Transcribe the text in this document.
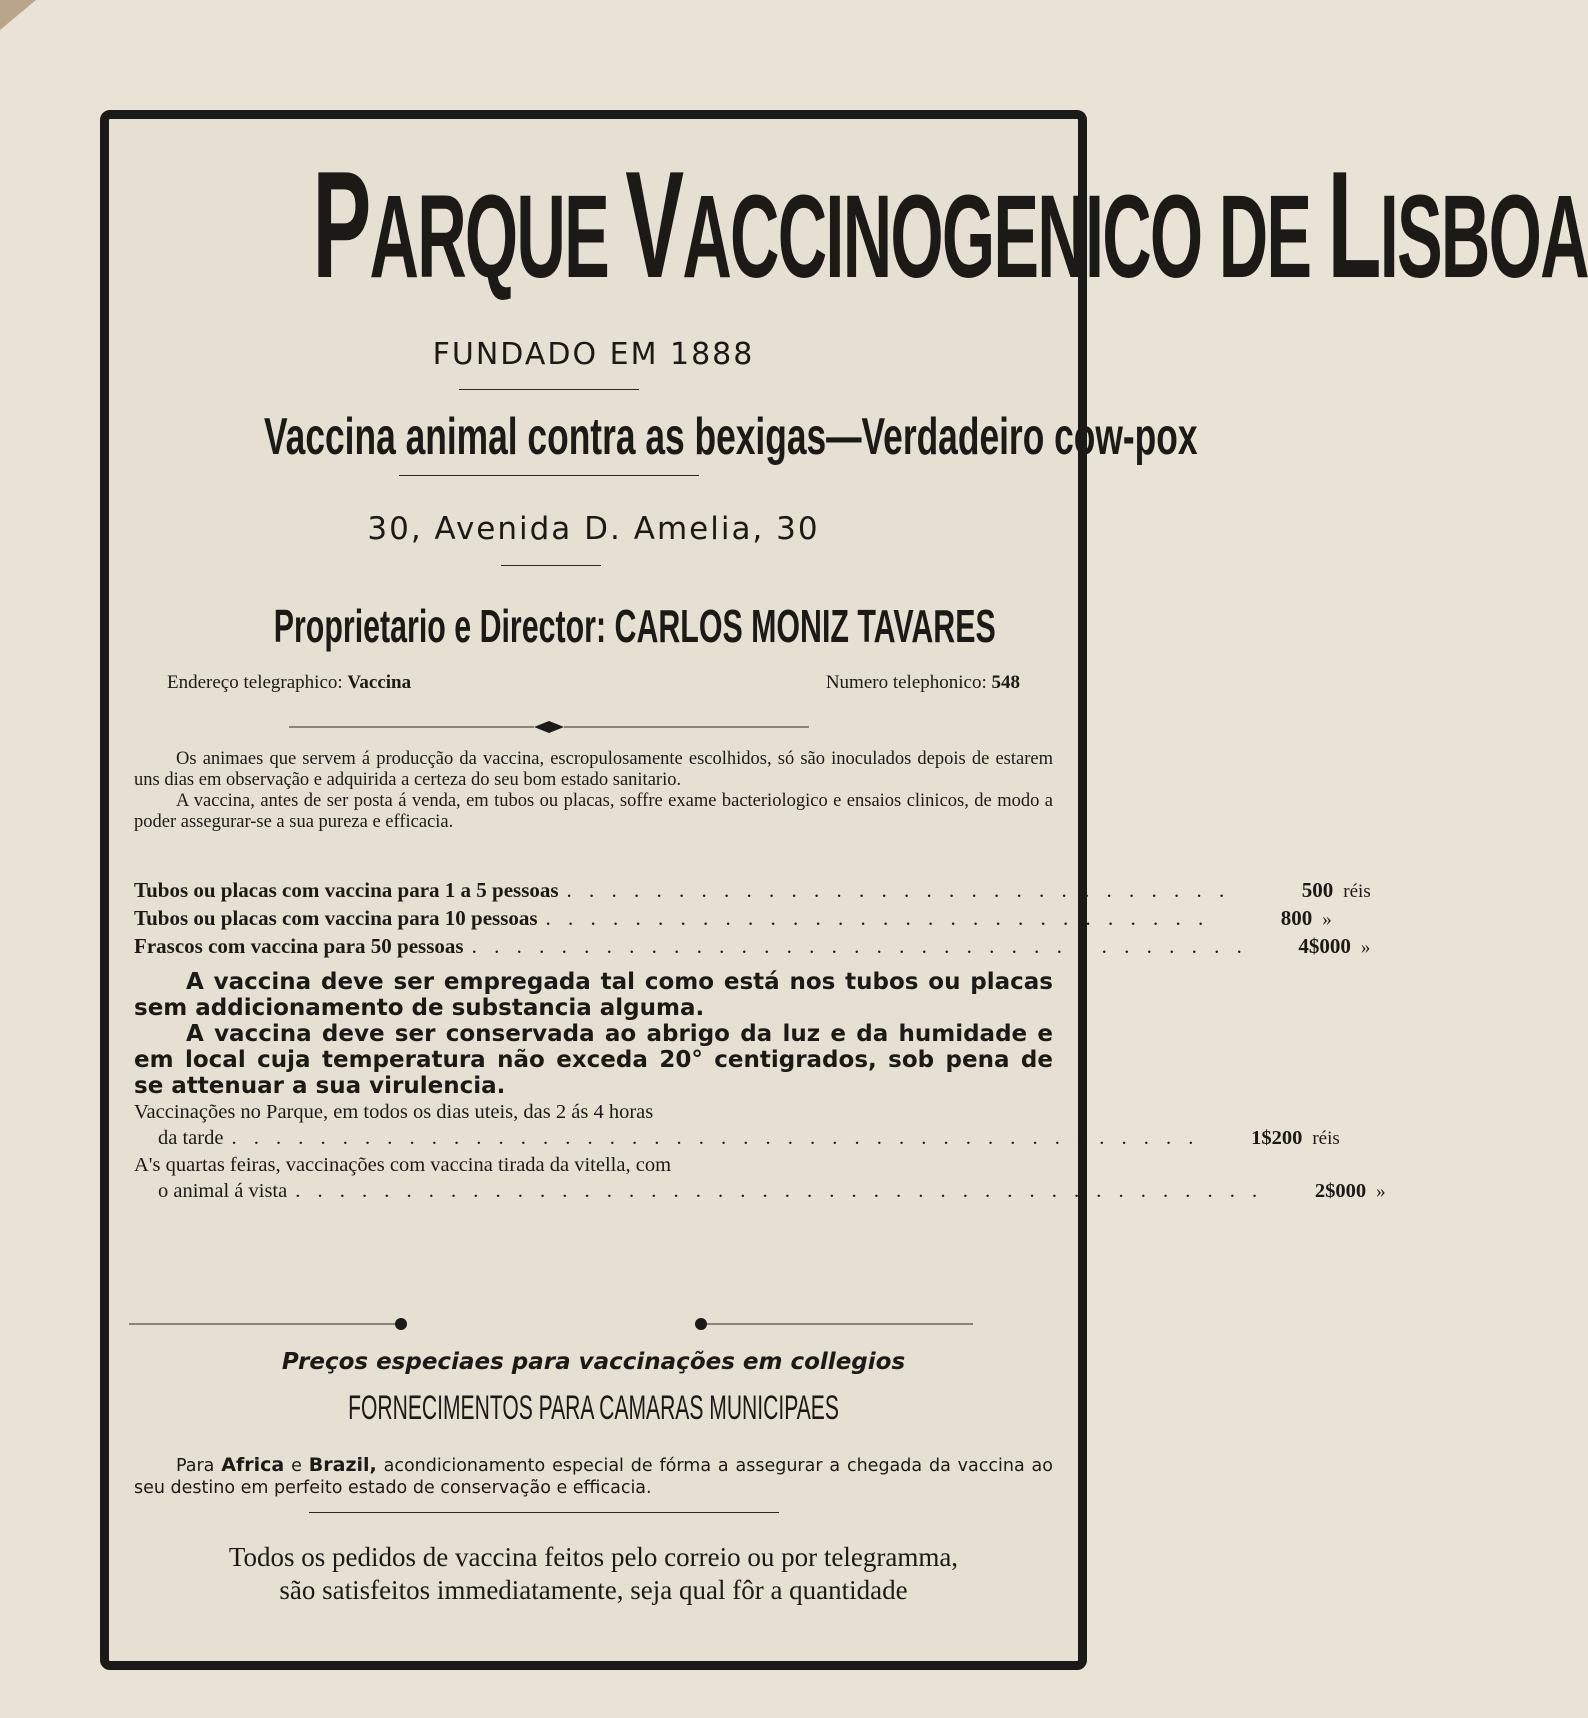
PARQUE VACCINOGENICO DE LISBOA
FUNDADO EM 1888
Vaccina animal contra as bexigas—Verdadeiro cow-pox
30, Avenida D. Amelia, 30
Proprietario e Director: CARLOS MONIZ TAVARES
Endereço telegraphico: Vaccina	Numero telephonico: 548

Os animaes que servem á producção da vaccina, escropulosamente escolhidos, só são inoculados depois de estarem uns dias em observação e adquirida a certeza do seu bom estado sanitario.

A vaccina, antes de ser posta á venda, em tubos ou placas, soffre exame bacteriologico e ensaios clinicos, de modo a poder assegurar-se a sua pureza e efficacia.

Tubos ou placas com vaccina para 1 a 5 pessoas . . . . . . . . . . . . . . . . . . . . . . . . . . . . . .	500 réis
Tubos ou placas com vaccina para 10 pessoas . . . . . . . . . . . . . . . . . . . . . . . . . . . . . .	800 »
Frascos com vaccina para 50 pessoas . . . . . . . . . . . . . . . . . . . . . . . . . . . . . . . . . . .	4$000 »

A vaccina deve ser empregada tal como está nos tubos ou placas sem addicionamento de substancia alguma.

A vaccina deve ser conservada ao abrigo da luz e da humidade e em local cuja temperatura não exceda 20° centigrados, sob pena de se attenuar a sua virulencia.

Vaccinações no Parque, em todos os dias uteis, das 2 ás 4 horas
da tarde . . . . . . . . . . . . . . . . . . . . . . . . . . . . . . . . . . . . . . . . . . . .	1$200 réis
A's quartas feiras, vaccinações com vaccina tirada da vitella, com
o animal á vista . . . . . . . . . . . . . . . . . . . . . . . . . . . . . . . . . . . . . . . . . . . .	2$000 »
Preços especiaes para vaccinações em collegios
FORNECIMENTOS PARA CAMARAS MUNICIPAES
Para Africa e Brazil, acondicionamento especial de fórma a assegurar a chegada da vaccina ao seu destino em perfeito estado de conservação e efficacia.
Todos os pedidos de vaccina feitos pelo correio ou por telegramma,
são satisfeitos immediatamente, seja qual fôr a quantidade
